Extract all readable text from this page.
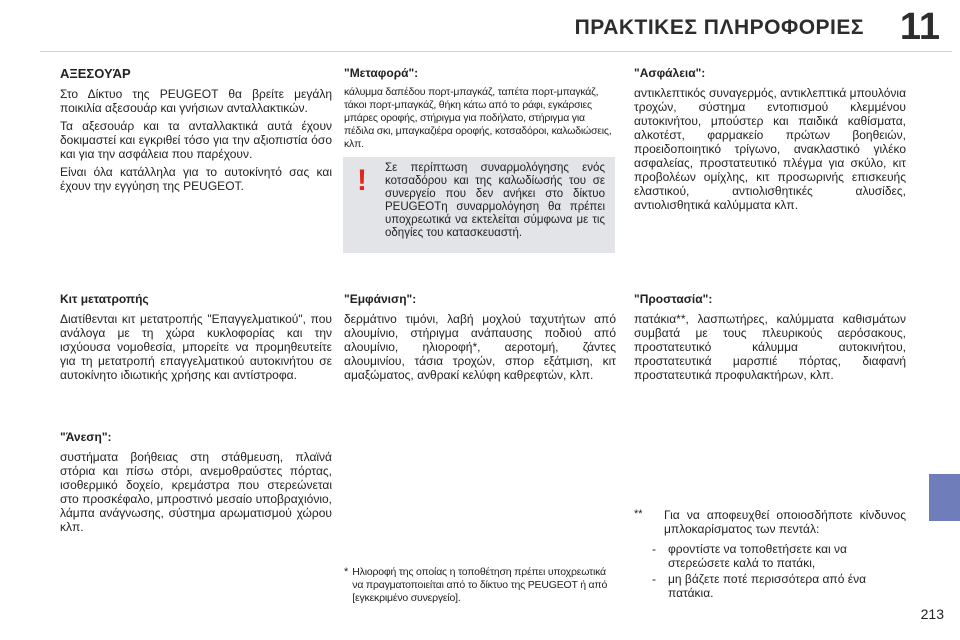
ΠΡΑΚΤΙΚΕΣ ΠΛΗΡΟΦΟΡΙΕΣ 11
ΑΞΕΣΟΥΆΡ

Στο Δίκτυο της PEUGEOT θα βρείτε μεγάλη ποικιλία αξεσουάρ και γνήσιων ανταλλακτικών.

Τα αξεσουάρ και τα ανταλλακτικά αυτά έχουν δοκιμαστεί και εγκριθεί τόσο για την αξιοπιστία όσο και για την ασφάλεια που παρέχουν.

Είναι όλα κατάλληλα για το αυτοκίνητό σας και έχουν την εγγύηση της PEUGEOT.

Κιτ μετατροπής

Διατίθενται κιτ μετατροπής "Επαγγελματικού", που ανάλογα με τη χώρα κυκλοφορίας και την ισχύουσα νομοθεσία, μπορείτε να προμηθευτείτε για τη μετατροπή επαγγελματικού αυτοκινήτου σε αυτοκίνητο ιδιωτικής χρήσης και αντίστροφα.

"Άνεση":

συστήματα βοήθειας στη στάθμευση, πλαϊνά στόρια και πίσω στόρι, ανεμοθραύστες πόρτας, ισοθερμικό δοχείο, κρεμάστρα που στερεώνεται στο προσκέφαλο, μπροστινό μεσαίο υποβραχιόνιο, λάμπα ανάγνωσης, σύστημα αρωματισμού χώρου κλπ.

"Μεταφορά":

κάλυμμα δαπέδου πορτ-μπαγκάζ, ταπέτα πορτ-μπαγκάζ, τάκοι πορτ-μπαγκάζ, θήκη κάτω από το ράφι, εγκάρσιες μπάρες οροφής, στήριγμα για ποδήλατο, στήριγμα για πέδιλα σκι, μπαγκαζιέρα οροφής, κοτσαδόροι, καλωδιώσεις, κλπ.

!	Σε περίπτωση συναρμολόγησης ενός κοτσαδόρου και της καλωδίωσής του σε συνεργείο που δεν ανήκει στο δίκτυο PEUGEOTη συναρμολόγηση θα πρέπει υποχρεωτικά να εκτελείται σύμφωνα με τις οδηγίες του κατασκευαστή.
"Εμφάνιση":

δερμάτινο τιμόνι, λαβή μοχλού ταχυτήτων από αλουμίνιο, στήριγμα ανάπαυσης ποδιού από αλουμίνιο, ηλιοροφή*, αεροτομή, ζάντες αλουμινίου, τάσια τροχών, σπορ εξάτμιση, κιτ αμαξώματος, ανθρακί κελύφη καθρεφτών, κλπ.

* Ηλιοροφή της οποίας η τοποθέτηση πρέπει υποχρεωτικά να πραγματοποιείται από το δίκτυο της PEUGEOT ή από [εγκεκριμένο συνεργείο].

"Ασφάλεια":

αντικλεπτικός συναγερμός, αντικλεπτικά μπουλόνια τροχών, σύστημα εντοπισμού κλεμμένου αυτοκινήτου, μπούστερ και παιδικά καθίσματα, αλκοτέστ, φαρμακείο πρώτων βοηθειών, προειδοποιητικό τρίγωνο, ανακλαστικό γιλέκο ασφαλείας, προστατευτικό πλέγμα για σκύλο, κιτ προβολέων ομίχλης, κιτ προσωρινής επισκευής ελαστικού, αντιολισθητικές αλυσίδες, αντιολισθητικά καλύμματα κλπ.

"Προστασία":

πατάκια**, λασπωτήρες, καλύμματα καθισμάτων συμβατά με τους πλευρικούς αερόσακους, προστατευτικό κάλυμμα αυτοκινήτου, προστατευτικά μαρσπιέ πόρτας, διαφανή προστατευτικά προφυλακτήρων, κλπ.

**	Για να αποφευχθεί οποιοσδήποτε κίνδυνος μπλοκαρίσματος των πεντάλ:

-	φροντίστε να τοποθετήσετε και να στερεώσετε καλά το πατάκι,
-	μη βάζετε ποτέ περισσότερα από ένα πατάκια.
213
